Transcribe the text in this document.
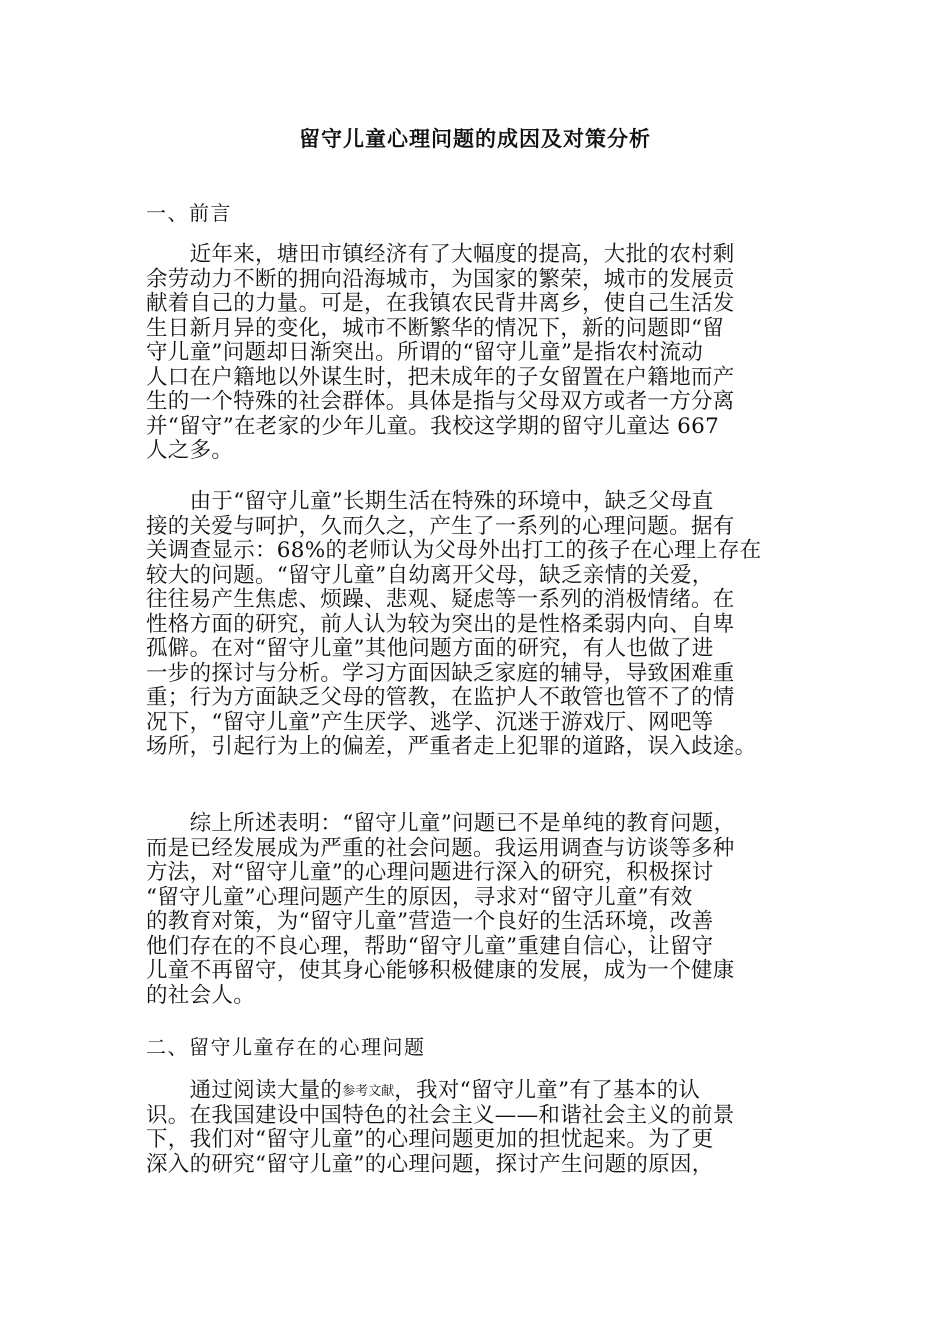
留守儿童心理问题的成因及对策分析
一、前言
　　近年来，塘田市镇经济有了大幅度的提高，大批的农村剩
余劳动力不断的拥向沿海城市，为国家的繁荣，城市的发展贡
献着自己的力量。可是，在我镇农民背井离乡，使自己生活发
生日新月异的变化，城市不断繁华的情况下，新的问题即“留
守儿童”问题却日渐突出。所谓的“留守儿童”是指农村流动
人口在户籍地以外谋生时，把未成年的子女留置在户籍地而产
生的一个特殊的社会群体。具体是指与父母双方或者一方分离
并“留守”在老家的少年儿童。我校这学期的留守儿童达 667
人之多。
　　由于“留守儿童”长期生活在特殊的环境中，缺乏父母直
接的关爱与呵护，久而久之，产生了一系列的心理问题。据有
关调查显示：68%的老师认为父母外出打工的孩子在心理上存在
较大的问题。“留守儿童”自幼离开父母，缺乏亲情的关爱，
往往易产生焦虑、烦躁、悲观、疑虑等一系列的消极情绪。在
性格方面的研究，前人认为较为突出的是性格柔弱内向、自卑
孤僻。在对“留守儿童”其他问题方面的研究，有人也做了进
一步的探讨与分析。学习方面因缺乏家庭的辅导，导致困难重
重；行为方面缺乏父母的管教，在监护人不敢管也管不了的情
况下，“留守儿童”产生厌学、逃学、沉迷于游戏厅、网吧等
场所，引起行为上的偏差，严重者走上犯罪的道路，误入歧途。
　　综上所述表明：“留守儿童”问题已不是单纯的教育问题，
而是已经发展成为严重的社会问题。我运用调查与访谈等多种
方法，对“留守儿童”的心理问题进行深入的研究，积极探讨
“留守儿童”心理问题产生的原因，寻求对“留守儿童”有效
的教育对策，为“留守儿童”营造一个良好的生活环境，改善
他们存在的不良心理，帮助“留守儿童”重建自信心，让留守
儿童不再留守，使其身心能够积极健康的发展，成为一个健康
的社会人。
二、留守儿童存在的心理问题
　　通过阅读大量的参考文献，我对“留守儿童”有了基本的认
识。在我国建设中国特色的社会主义——和谐社会主义的前景
下，我们对“留守儿童”的心理问题更加的担忧起来。为了更
深入的研究“留守儿童”的心理问题，探讨产生问题的原因，
